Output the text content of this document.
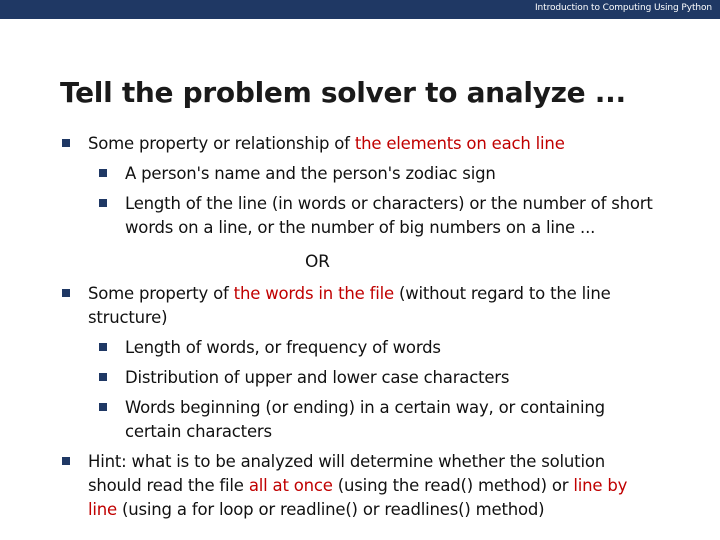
Introduction to Computing Using Python
Tell the problem solver to analyze ...
Some property or relationship of the elements on each line
A person's name and the person's zodiac sign
Length of the line (in words or characters) or the number of short words on a line, or the number of big numbers on a line ...
OR
Some property of the words in the file (without regard to the line structure)
Length of words, or frequency of words
Distribution of upper and lower case characters
Words beginning (or ending) in a certain way, or containing certain characters
Hint: what is to be analyzed will determine whether the solution should read the file all at once (using the read() method) or line by line (using a for loop or readline() or readlines() method)
